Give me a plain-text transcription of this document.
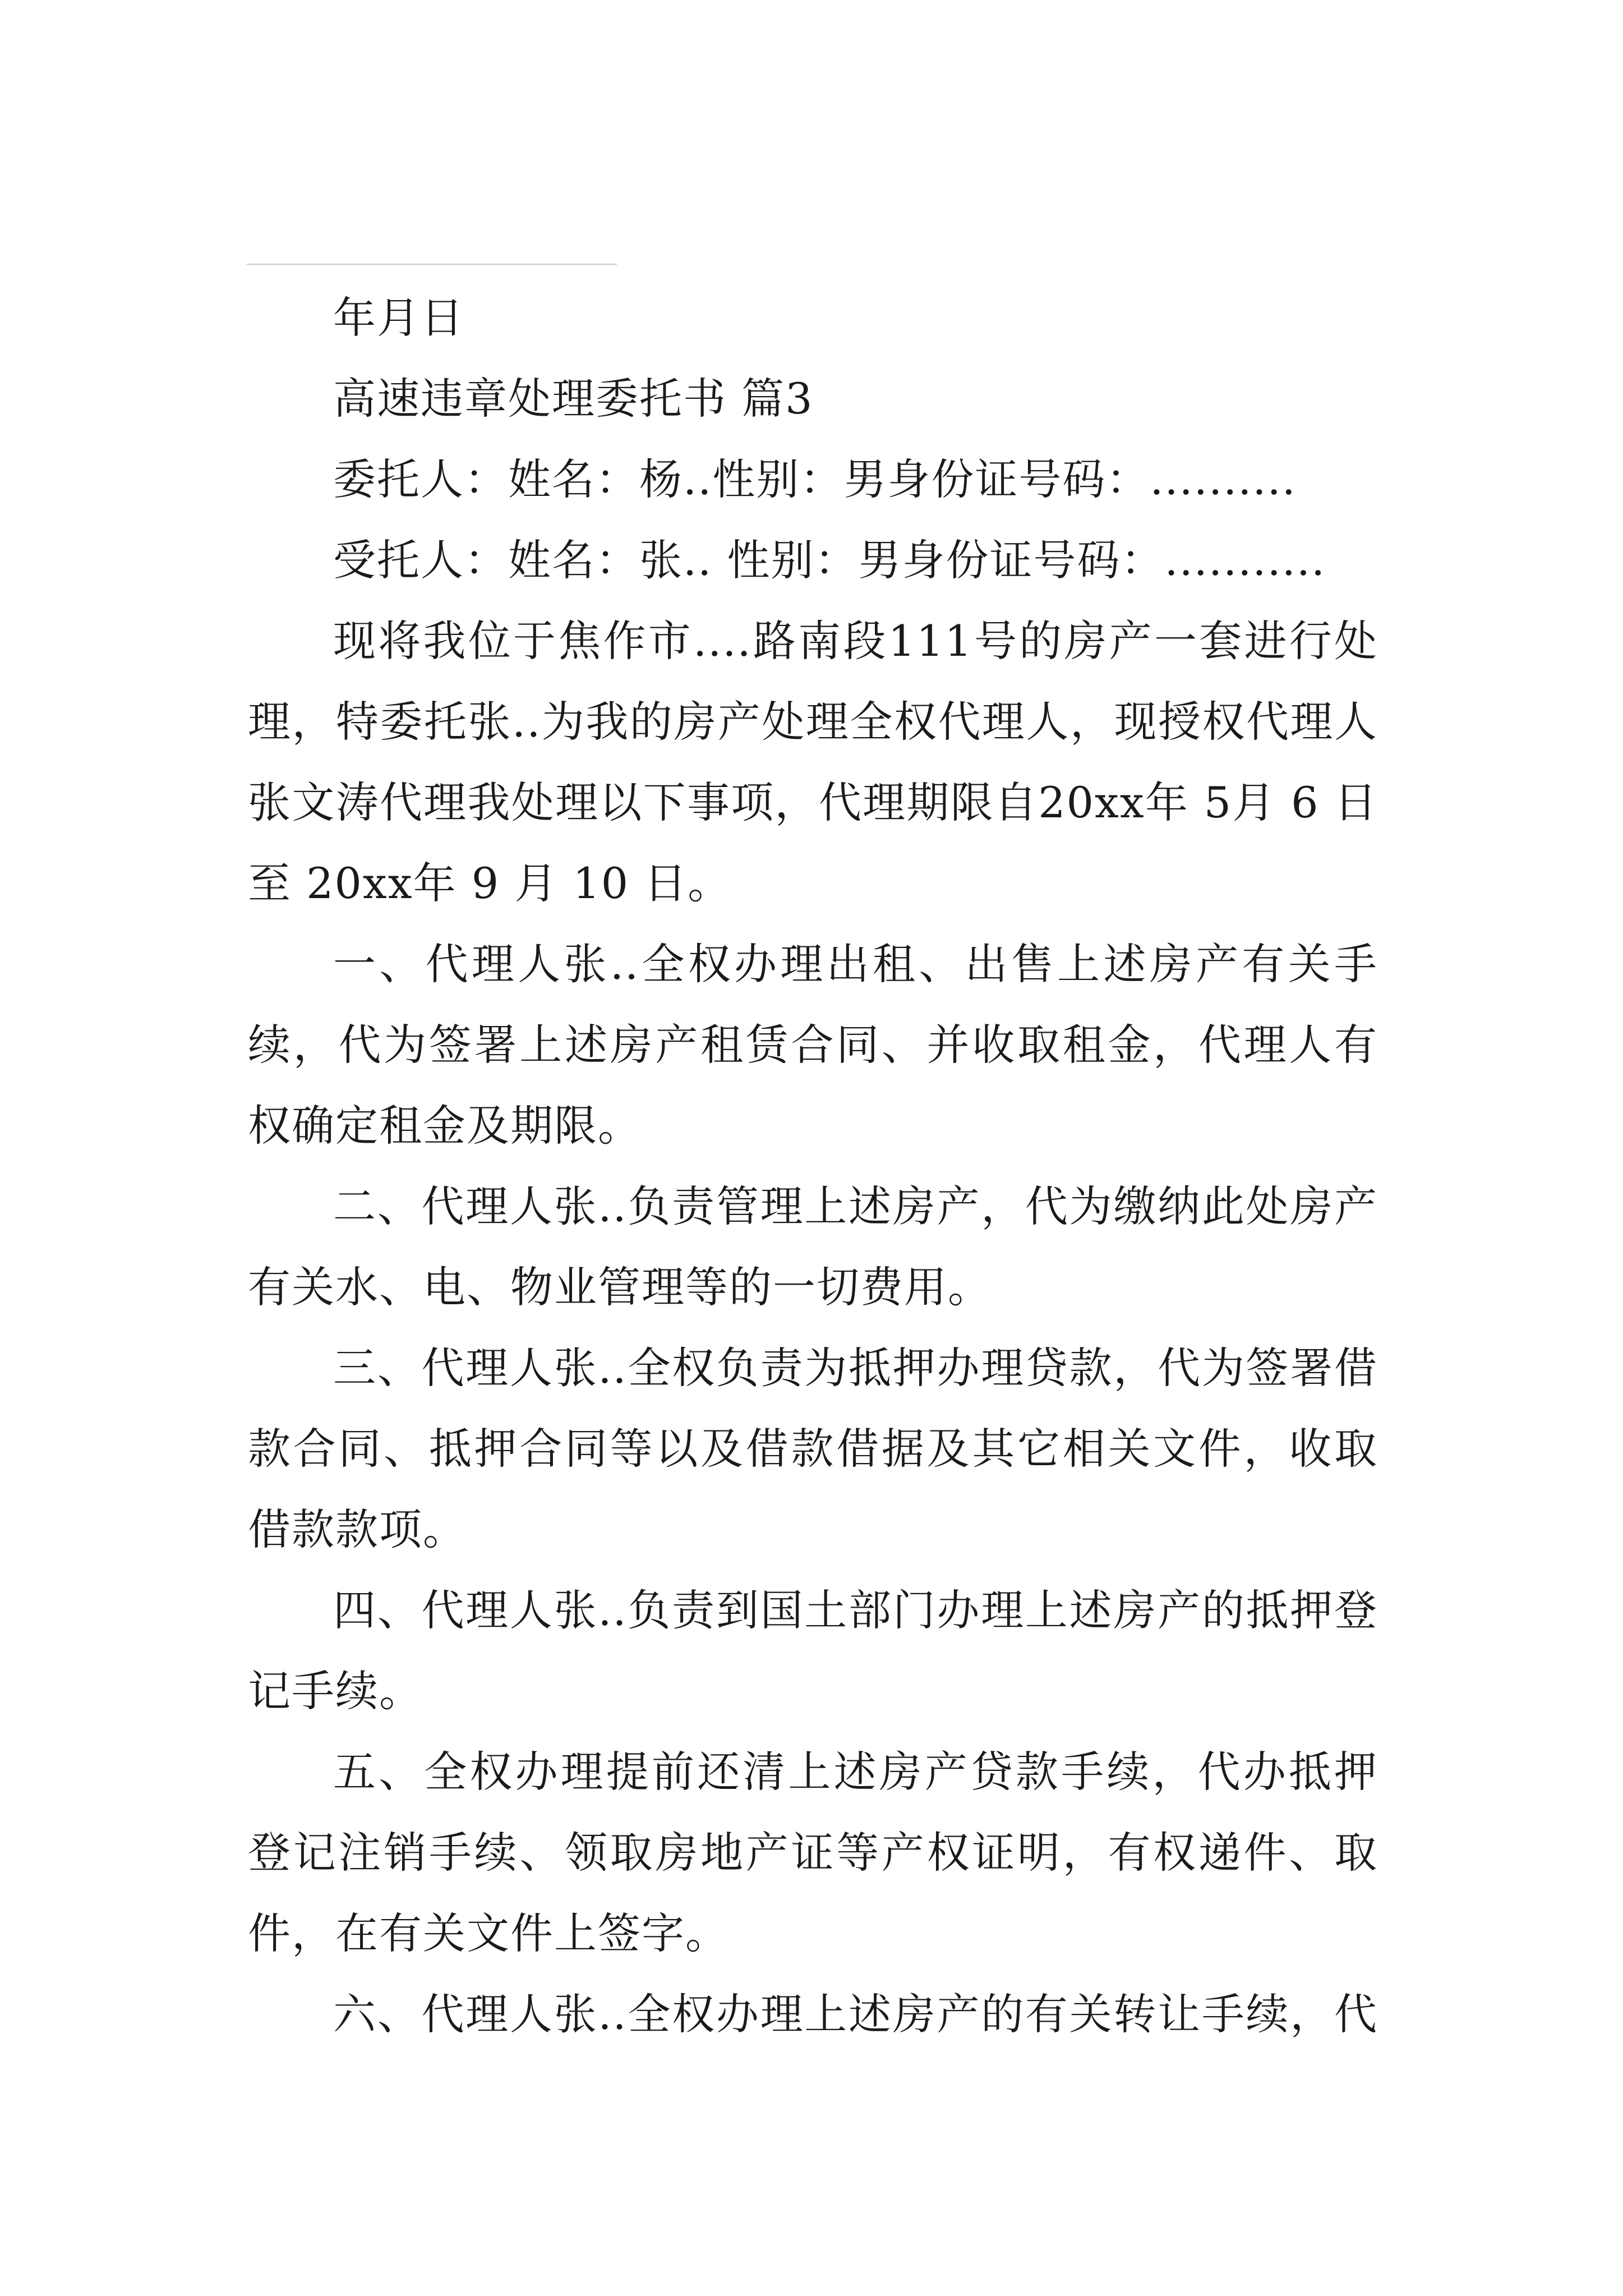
年月日

高速违章处理委托书 篇3

委托人：姓名：杨..性别：男身份证号码：..........

受托人：姓名：张.. 性别：男身份证号码：...........

现将我位于焦作市....路南段111号的房产一套进行处理，特委托张..为我的房产处理全权代理人，现授权代理人张文涛代理我处理以下事项，代理期限自20xx年 5月 6 日至 20xx年 9 月 10 日。

一、代理人张..全权办理出租、出售上述房产有关手续，代为签署上述房产租赁合同、并收取租金，代理人有权确定租金及期限。

二、代理人张..负责管理上述房产，代为缴纳此处房产有关水、电、物业管理等的一切费用。

三、代理人张..全权负责为抵押办理贷款，代为签署借款合同、抵押合同等以及借款借据及其它相关文件，收取借款款项。

四、代理人张..负责到国土部门办理上述房产的抵押登记手续。

五、全权办理提前还清上述房产贷款手续，代办抵押登记注销手续、领取房地产证等产权证明，有权递件、取件，在有关文件上签字。

六、代理人张..全权办理上述房产的有关转让手续，代
